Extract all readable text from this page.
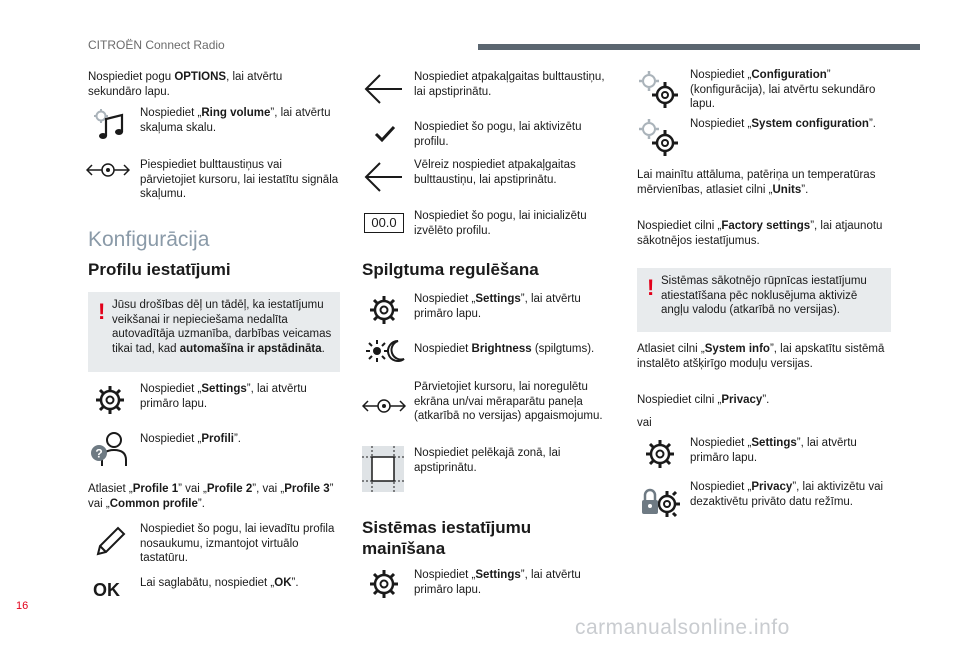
CITROËN Connect Radio
Nospiediet pogu OPTIONS, lai atvērtu sekundāro lapu.
Nospiediet „Ring volume”, lai atvērtu skaļuma skalu.
Piespiediet bulttaustiņus vai pārvietojiet kursoru, lai iestatītu signāla skaļumu.
Konfigurācija
Profilu iestatījumi
! Jūsu drošības dēļ un tādēļ, ka iestatījumu veikšanai ir nepieciešama nedalīta autovadītāja uzmanība, darbības veicamas tikai tad, kad automašīna ir apstādināta.
Nospiediet „Settings”, lai atvērtu primāro lapu.
?
Nospiediet „Profili”.
Atlasiet „Profile 1” vai „Profile 2”, vai „Profile 3” vai „Common profile”.
Nospiediet šo pogu, lai ievadītu profila nosaukumu, izmantojot virtuālo tastatūru.
OK Lai saglabātu, nospiediet „OK”.
Nospiediet atpakaļgaitas bulttaustiņu, lai apstiprinātu.
Nospiediet šo pogu, lai aktivizētu profilu.
Vēlreiz nospiediet atpakaļgaitas bulttaustiņu, lai apstiprinātu.
00.0	Nospiediet šo pogu, lai inicializētu izvēlēto profilu.
Spilgtuma regulēšana
Nospiediet „Settings”, lai atvērtu primāro lapu.
Nospiediet Brightness (spilgtums).
Pārvietojiet kursoru, lai noregulētu ekrāna un/vai mēraparātu paneļa (atkarībā no versijas) apgaismojumu.
Nospiediet pelēkajā zonā, lai apstiprinātu.
Sistēmas iestatījumu
mainīšana
Nospiediet „Settings”, lai atvērtu primāro lapu.
Nospiediet „Configuration” (konfigurācija), lai atvērtu sekundāro lapu.
Nospiediet „System configuration”.
Lai mainītu attāluma, patēriņa un temperatūras mērvienības, atlasiet cilni „Units”.
Nospiediet cilni „Factory settings”, lai atjaunotu sākotnējos iestatījumus.
! Sistēmas sākotnējo rūpnīcas iestatījumu atiestatīšana pēc noklusējuma aktivizē angļu valodu (atkarībā no versijas).
Atlasiet cilni „System info”, lai apskatītu sistēmā instalēto atšķirīgo moduļu versijas.
Nospiediet cilni „Privacy”.
vai
Nospiediet „Settings”, lai atvērtu primāro lapu.
Nospiediet „Privacy”, lai aktivizētu vai dezaktivētu privāto datu režīmu.
16
carmanualsonline.info
